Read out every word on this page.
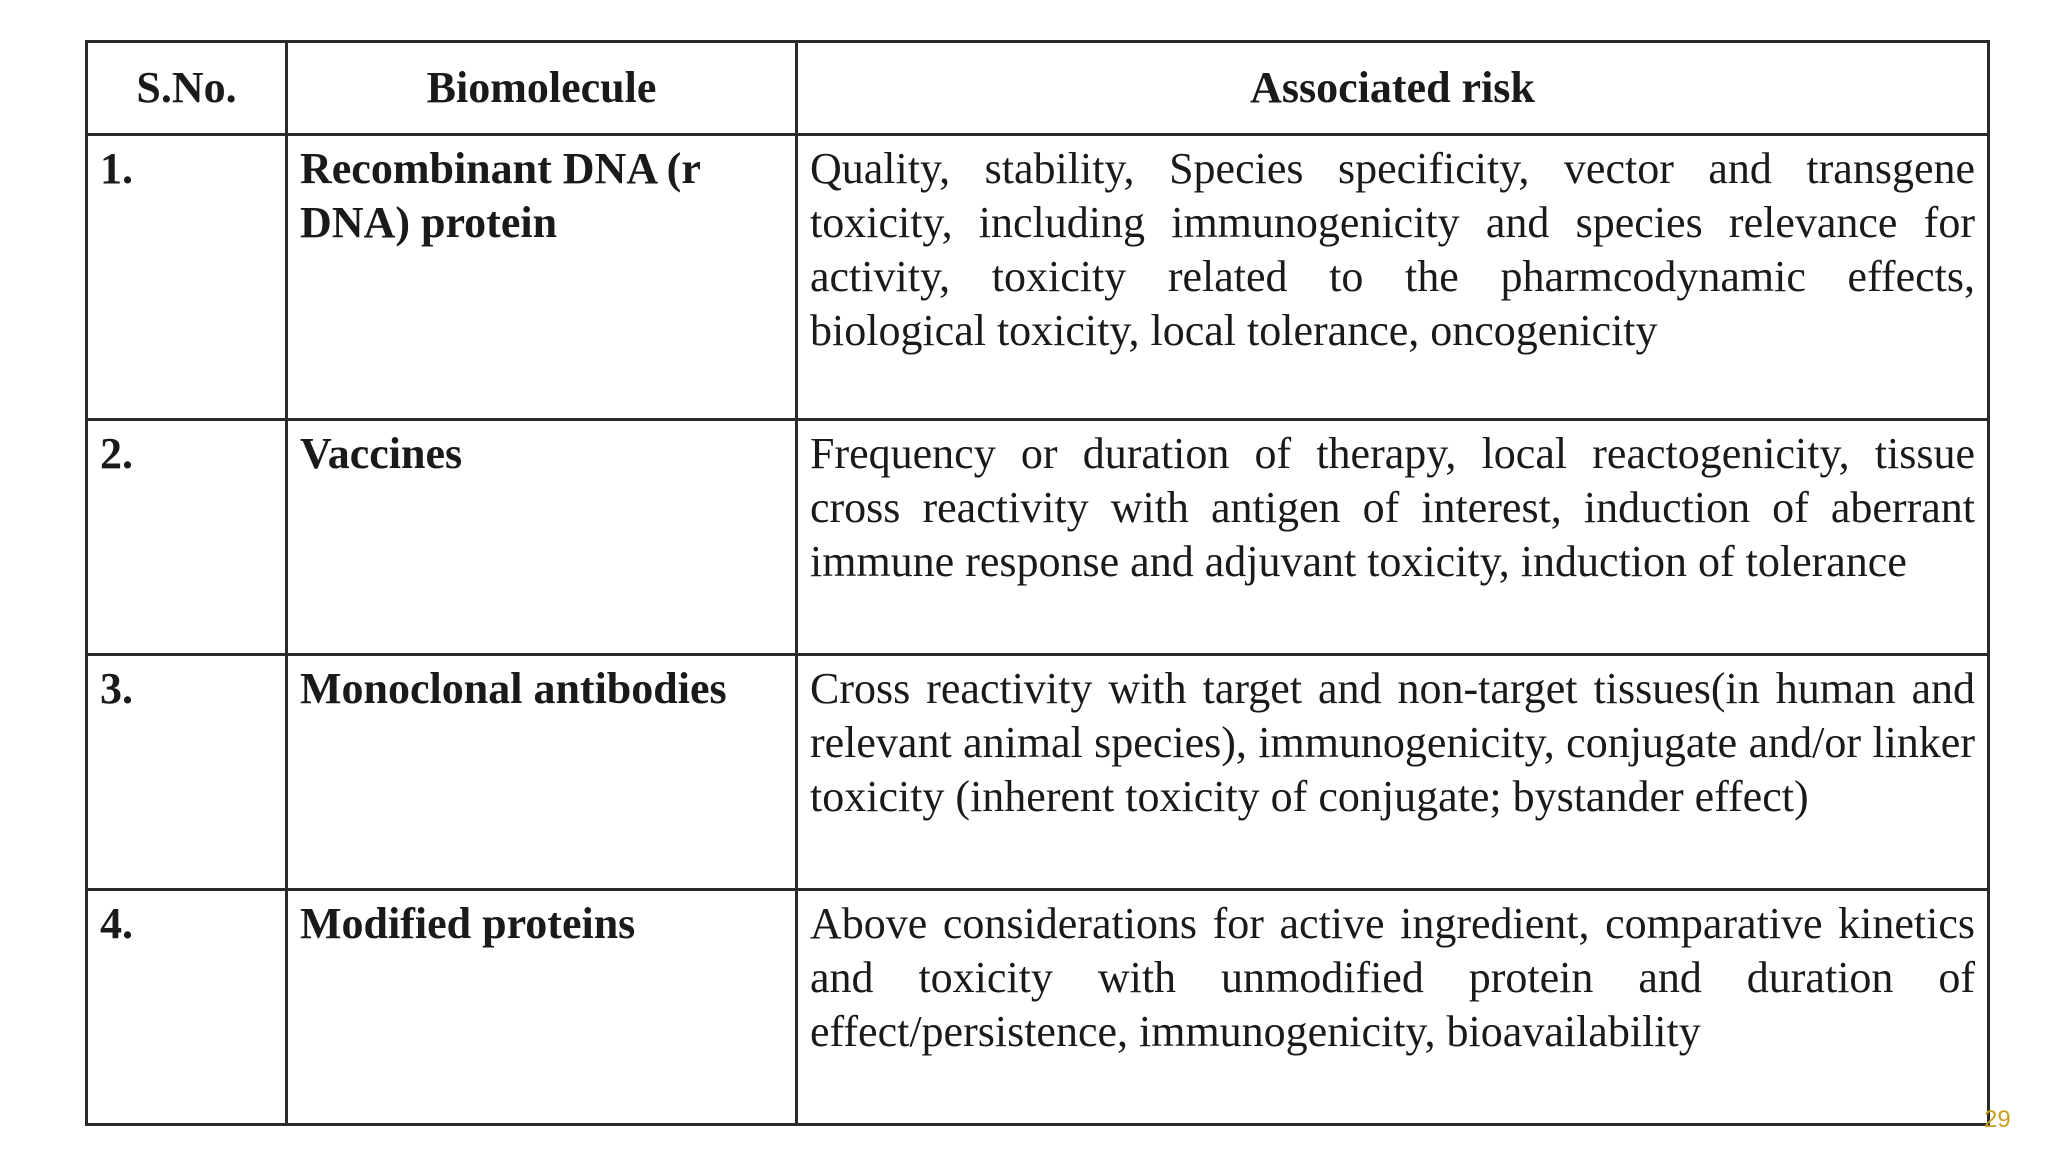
S.No.	Biomolecule	Associated risk
1.	Recombinant DNA (r DNA) protein	Quality, stability, Species specificity, vector and transgene toxicity, including immunogenicity and species relevance for activity, toxicity related to the pharmcodynamic effects, biological toxicity, local tolerance, oncogenicity
2.	Vaccines	Frequency or duration of therapy, local reactogenicity, tissue cross reactivity with antigen of interest, induction of aberrant immune response and adjuvant toxicity, induction of tolerance
3.	Monoclonal antibodies	Cross reactivity with target and non-target tissues(in human and relevant animal species), immunogenicity, conjugate and/or linker toxicity (inherent toxicity of conjugate; bystander effect)
4.	Modified proteins	Above considerations for active ingredient, comparative kinetics and toxicity with unmodified protein and duration of effect/persistence, immunogenicity, bioavailability
29
